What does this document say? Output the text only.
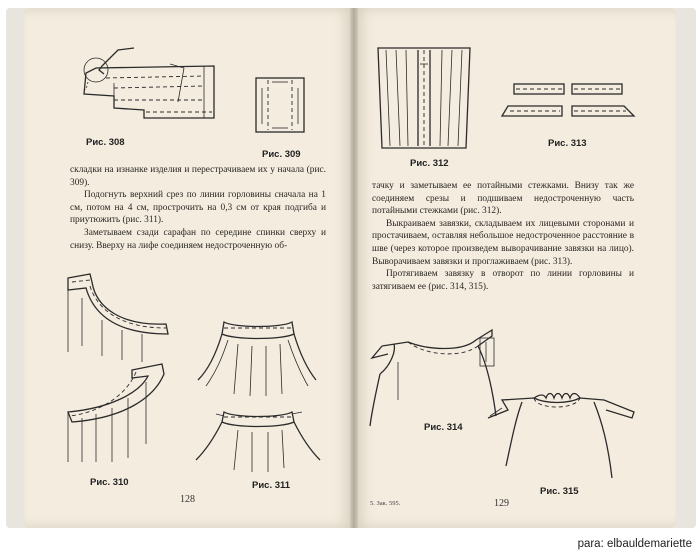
Рис. 308
Рис. 309

складки на изнанке изделия и перестрачиваем их у начала (рис. 309).

Подогнуть верхний срез по линии горловины сначала на 1 см, потом на 4 см, прострочить на 0,3 см от края подгиба и приутюжить (рис. 311).

Заметываем сзади сарафан по середине спинки сверху и снизу. Вверху на лифе соединяем недостроченную об-

Рис. 310	Рис. 311
128
Рис. 312
Рис. 313

тачку и заметываем ее потайными стежками. Внизу так же соединяем срезы и подшиваем недостроченную часть потайными стежками (рис. 312).

Выкраиваем завязки, складываем их лицевыми сторонами и простачиваем, оставляя небольшое недостроченное расстояние в шве (через которое произведем выворачивание завязки на лицо). Выворачиваем завязки и проглаживаем (рис. 313).

Протягиваем завязку в отворот по линии горловины и затягиваем ее (рис. 314, 315).

Рис. 314
Рис. 315
5. Зак. 595.	129
para: elbauldemariette
